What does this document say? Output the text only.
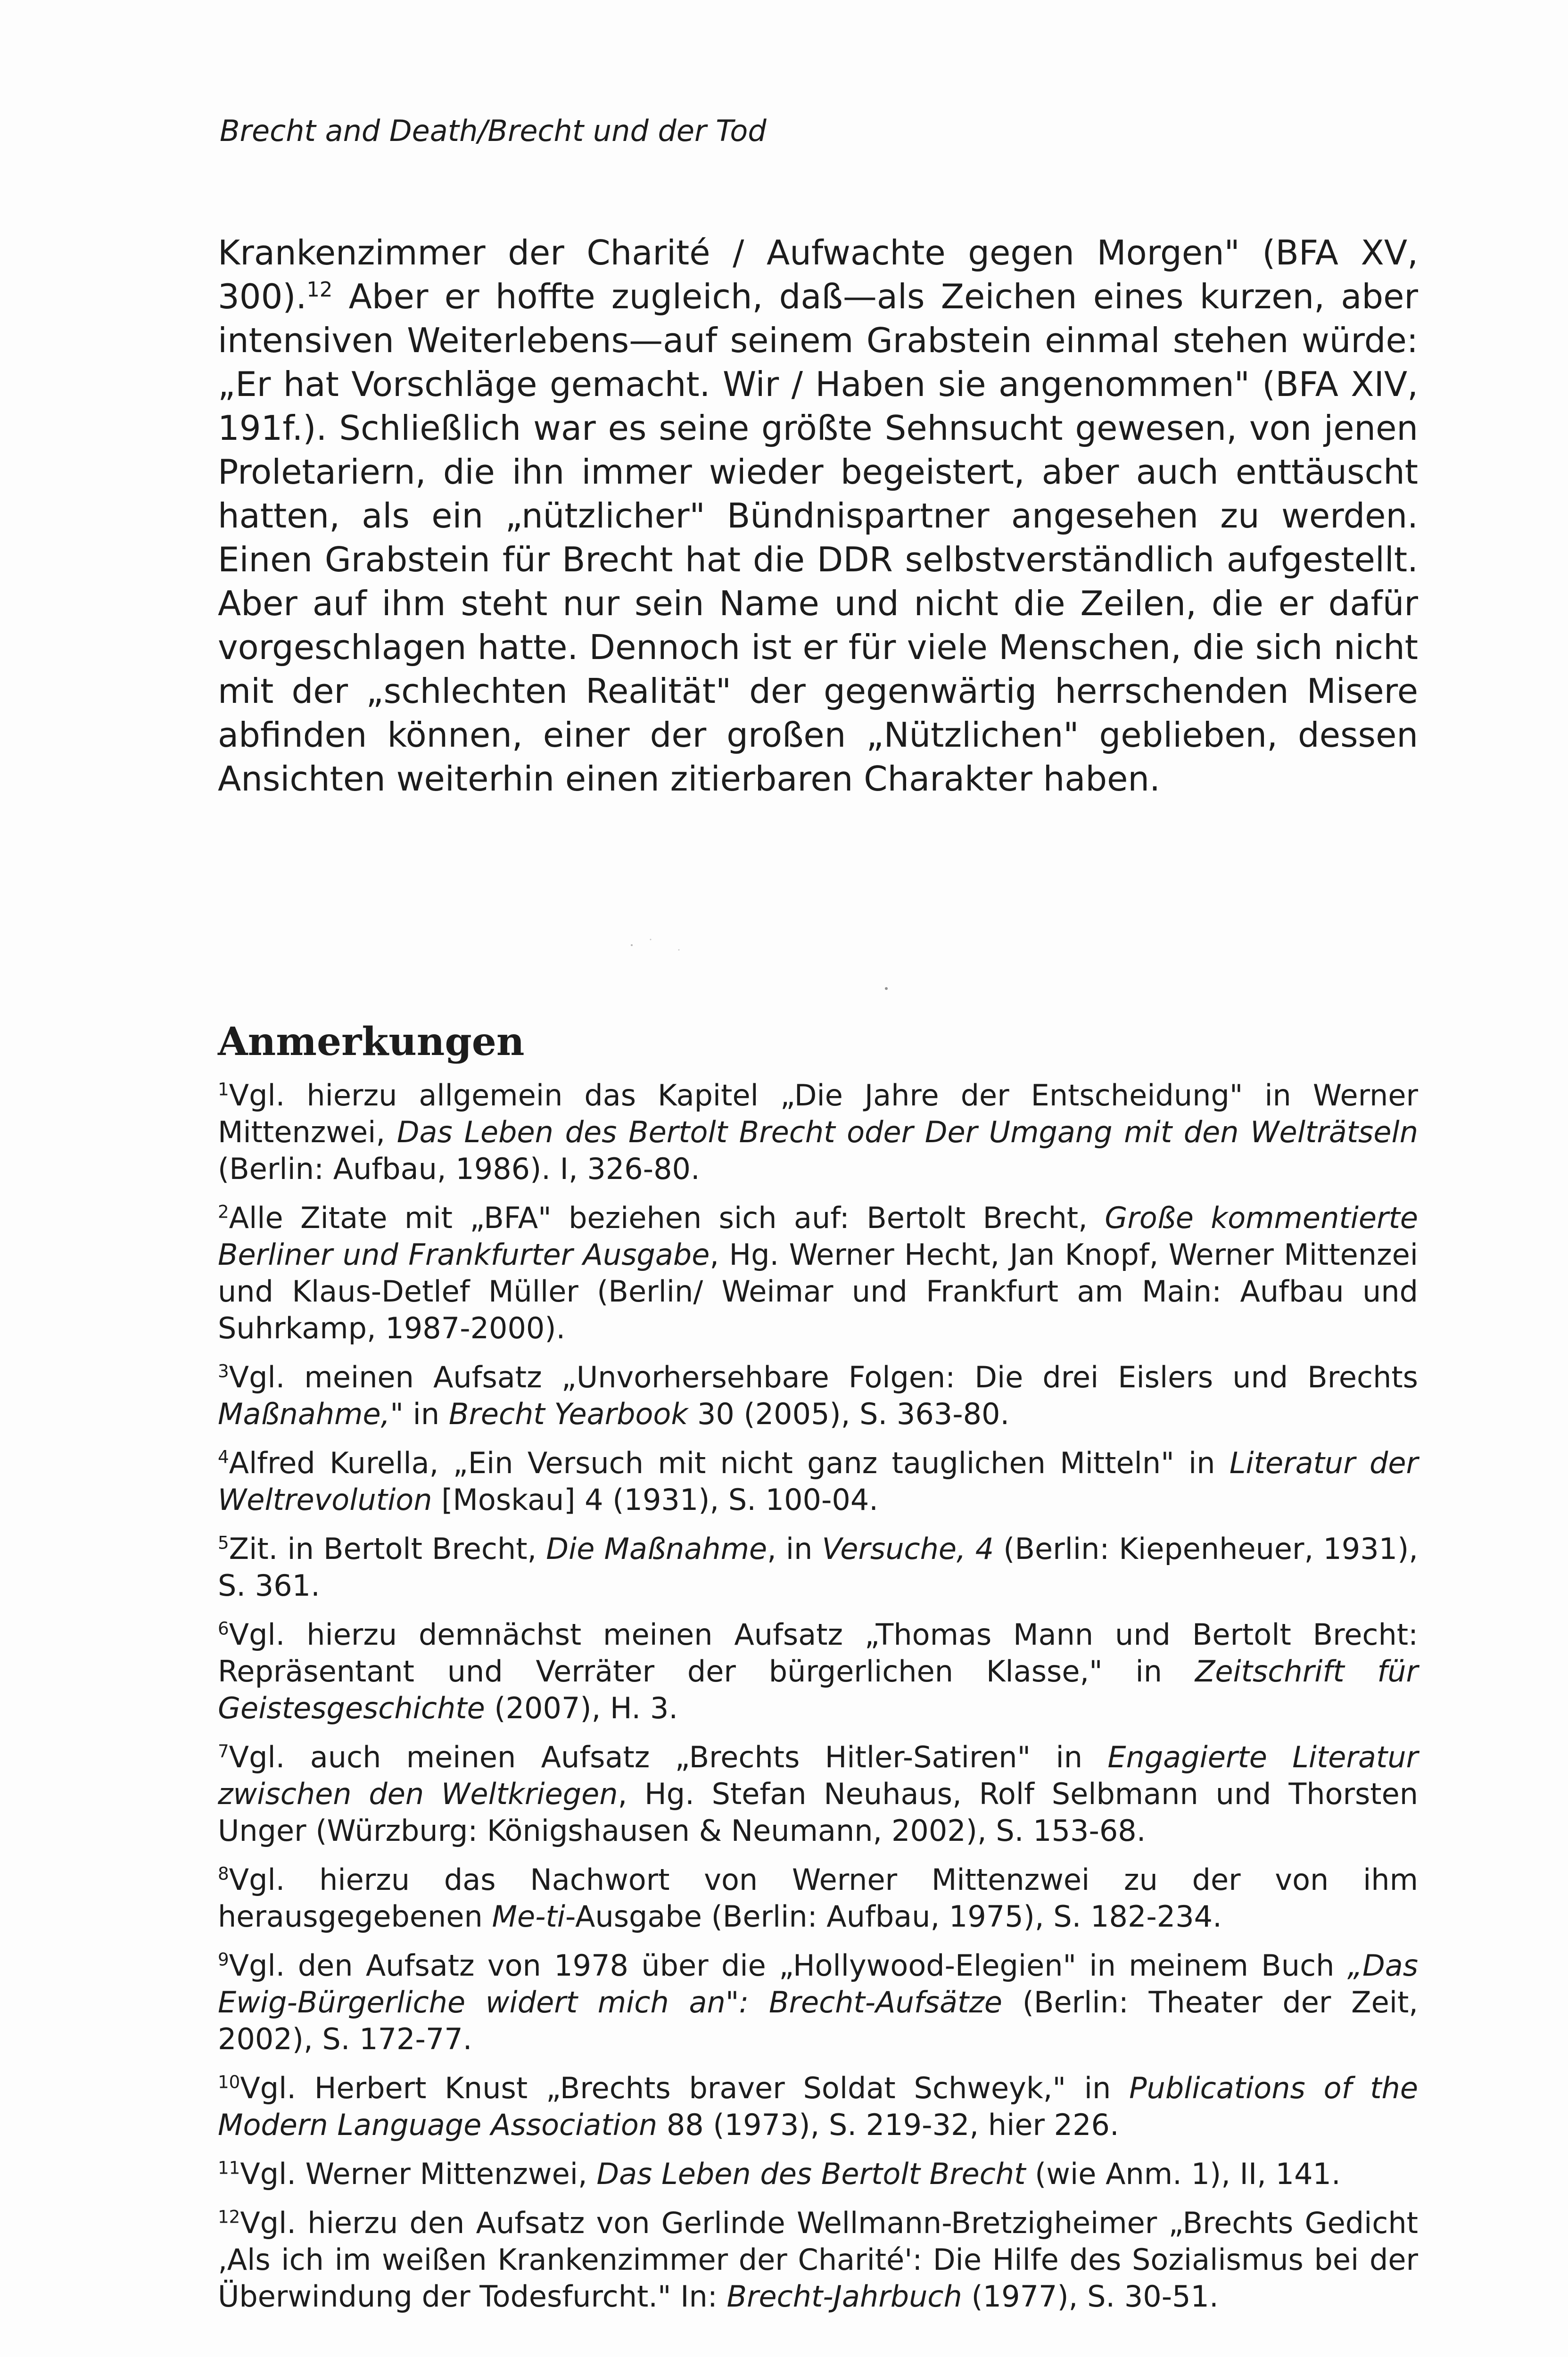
Brecht and Death/Brecht und der Tod

Krankenzimmer der Charité / Aufwachte gegen Morgen" (BFA XV, 300).$^{12}$ Aber er hoffte zugleich, daß—als Zeichen eines kurzen, aber intensiven Weiterlebens—auf seinem Grabstein einmal stehen würde: „Er hat Vorschläge gemacht. Wir / Haben sie angenommen" (BFA XIV, 191f.). Schließlich war es seine größte Sehnsucht gewesen, von jenen Proletariern, die ihn immer wieder begeistert, aber auch enttäuscht hatten, als ein „nützlicher" Bündnispartner angesehen zu werden. Einen Grabstein für Brecht hat die DDR selbstverständlich aufgestellt. Aber auf ihm steht nur sein Name und nicht die Zeilen, die er dafür vorgeschlagen hatte. Dennoch ist er für viele Menschen, die sich nicht mit der „schlechten Realität" der gegenwärtig herrschenden Misere abfinden können, einer der großen „Nützlichen" geblieben, dessen Ansichten weiterhin einen zitierbaren Charakter haben.

Anmerkungen

$^1$Vgl. hierzu allgemein das Kapitel „Die Jahre der Entscheidung" in Werner Mittenzwei, Das Leben des Bertolt Brecht oder Der Umgang mit den Welträtseln (Berlin: Aufbau, 1986). I, 326-80.

$^2$Alle Zitate mit „BFA" beziehen sich auf: Bertolt Brecht, Große kommentierte Berliner und Frankfurter Ausgabe, Hg. Werner Hecht, Jan Knopf, Werner Mittenzei und Klaus-Detlef Müller (Berlin/ Weimar und Frankfurt am Main: Aufbau und Suhrkamp, 1987-2000).

$^3$Vgl. meinen Aufsatz „Unvorhersehbare Folgen: Die drei Eislers und Brechts Maßnahme," in Brecht Yearbook 30 (2005), S. 363-80.

$^4$Alfred Kurella, „Ein Versuch mit nicht ganz tauglichen Mitteln" in Literatur der Weltrevolution [Moskau] 4 (1931), S. 100-04.

$^5$Zit. in Bertolt Brecht, Die Maßnahme, in Versuche, 4 (Berlin: Kiepenheuer, 1931), S. 361.

$^6$Vgl. hierzu demnächst meinen Aufsatz „Thomas Mann und Bertolt Brecht: Repräsentant und Verräter der bürgerlichen Klasse," in Zeitschrift für Geistesgeschichte (2007), H. 3.

$^7$Vgl. auch meinen Aufsatz „Brechts Hitler-Satiren" in Engagierte Literatur zwischen den Weltkriegen, Hg. Stefan Neuhaus, Rolf Selbmann und Thorsten Unger (Würzburg: Königshausen & Neumann, 2002), S. 153-68.

$^8$Vgl. hierzu das Nachwort von Werner Mittenzwei zu der von ihm herausgegebenen Me-ti-Ausgabe (Berlin: Aufbau, 1975), S. 182-234.

$^9$Vgl. den Aufsatz von 1978 über die „Hollywood-Elegien" in meinem Buch „Das Ewig-Bürgerliche widert mich an": Brecht-Aufsätze (Berlin: Theater der Zeit, 2002), S. 172-77.

$^{10}$Vgl. Herbert Knust „Brechts braver Soldat Schweyk," in Publications of the Modern Language Association 88 (1973), S. 219-32, hier 226.

$^{11}$Vgl. Werner Mittenzwei, Das Leben des Bertolt Brecht (wie Anm. 1), II, 141.

$^{12}$Vgl. hierzu den Aufsatz von Gerlinde Wellmann-Bretzigheimer „Brechts Gedicht ‚Als ich im weißen Krankenzimmer der Charité': Die Hilfe des Sozialismus bei der Überwindung der Todesfurcht." In: Brecht-Jahrbuch (1977), S. 30-51.
